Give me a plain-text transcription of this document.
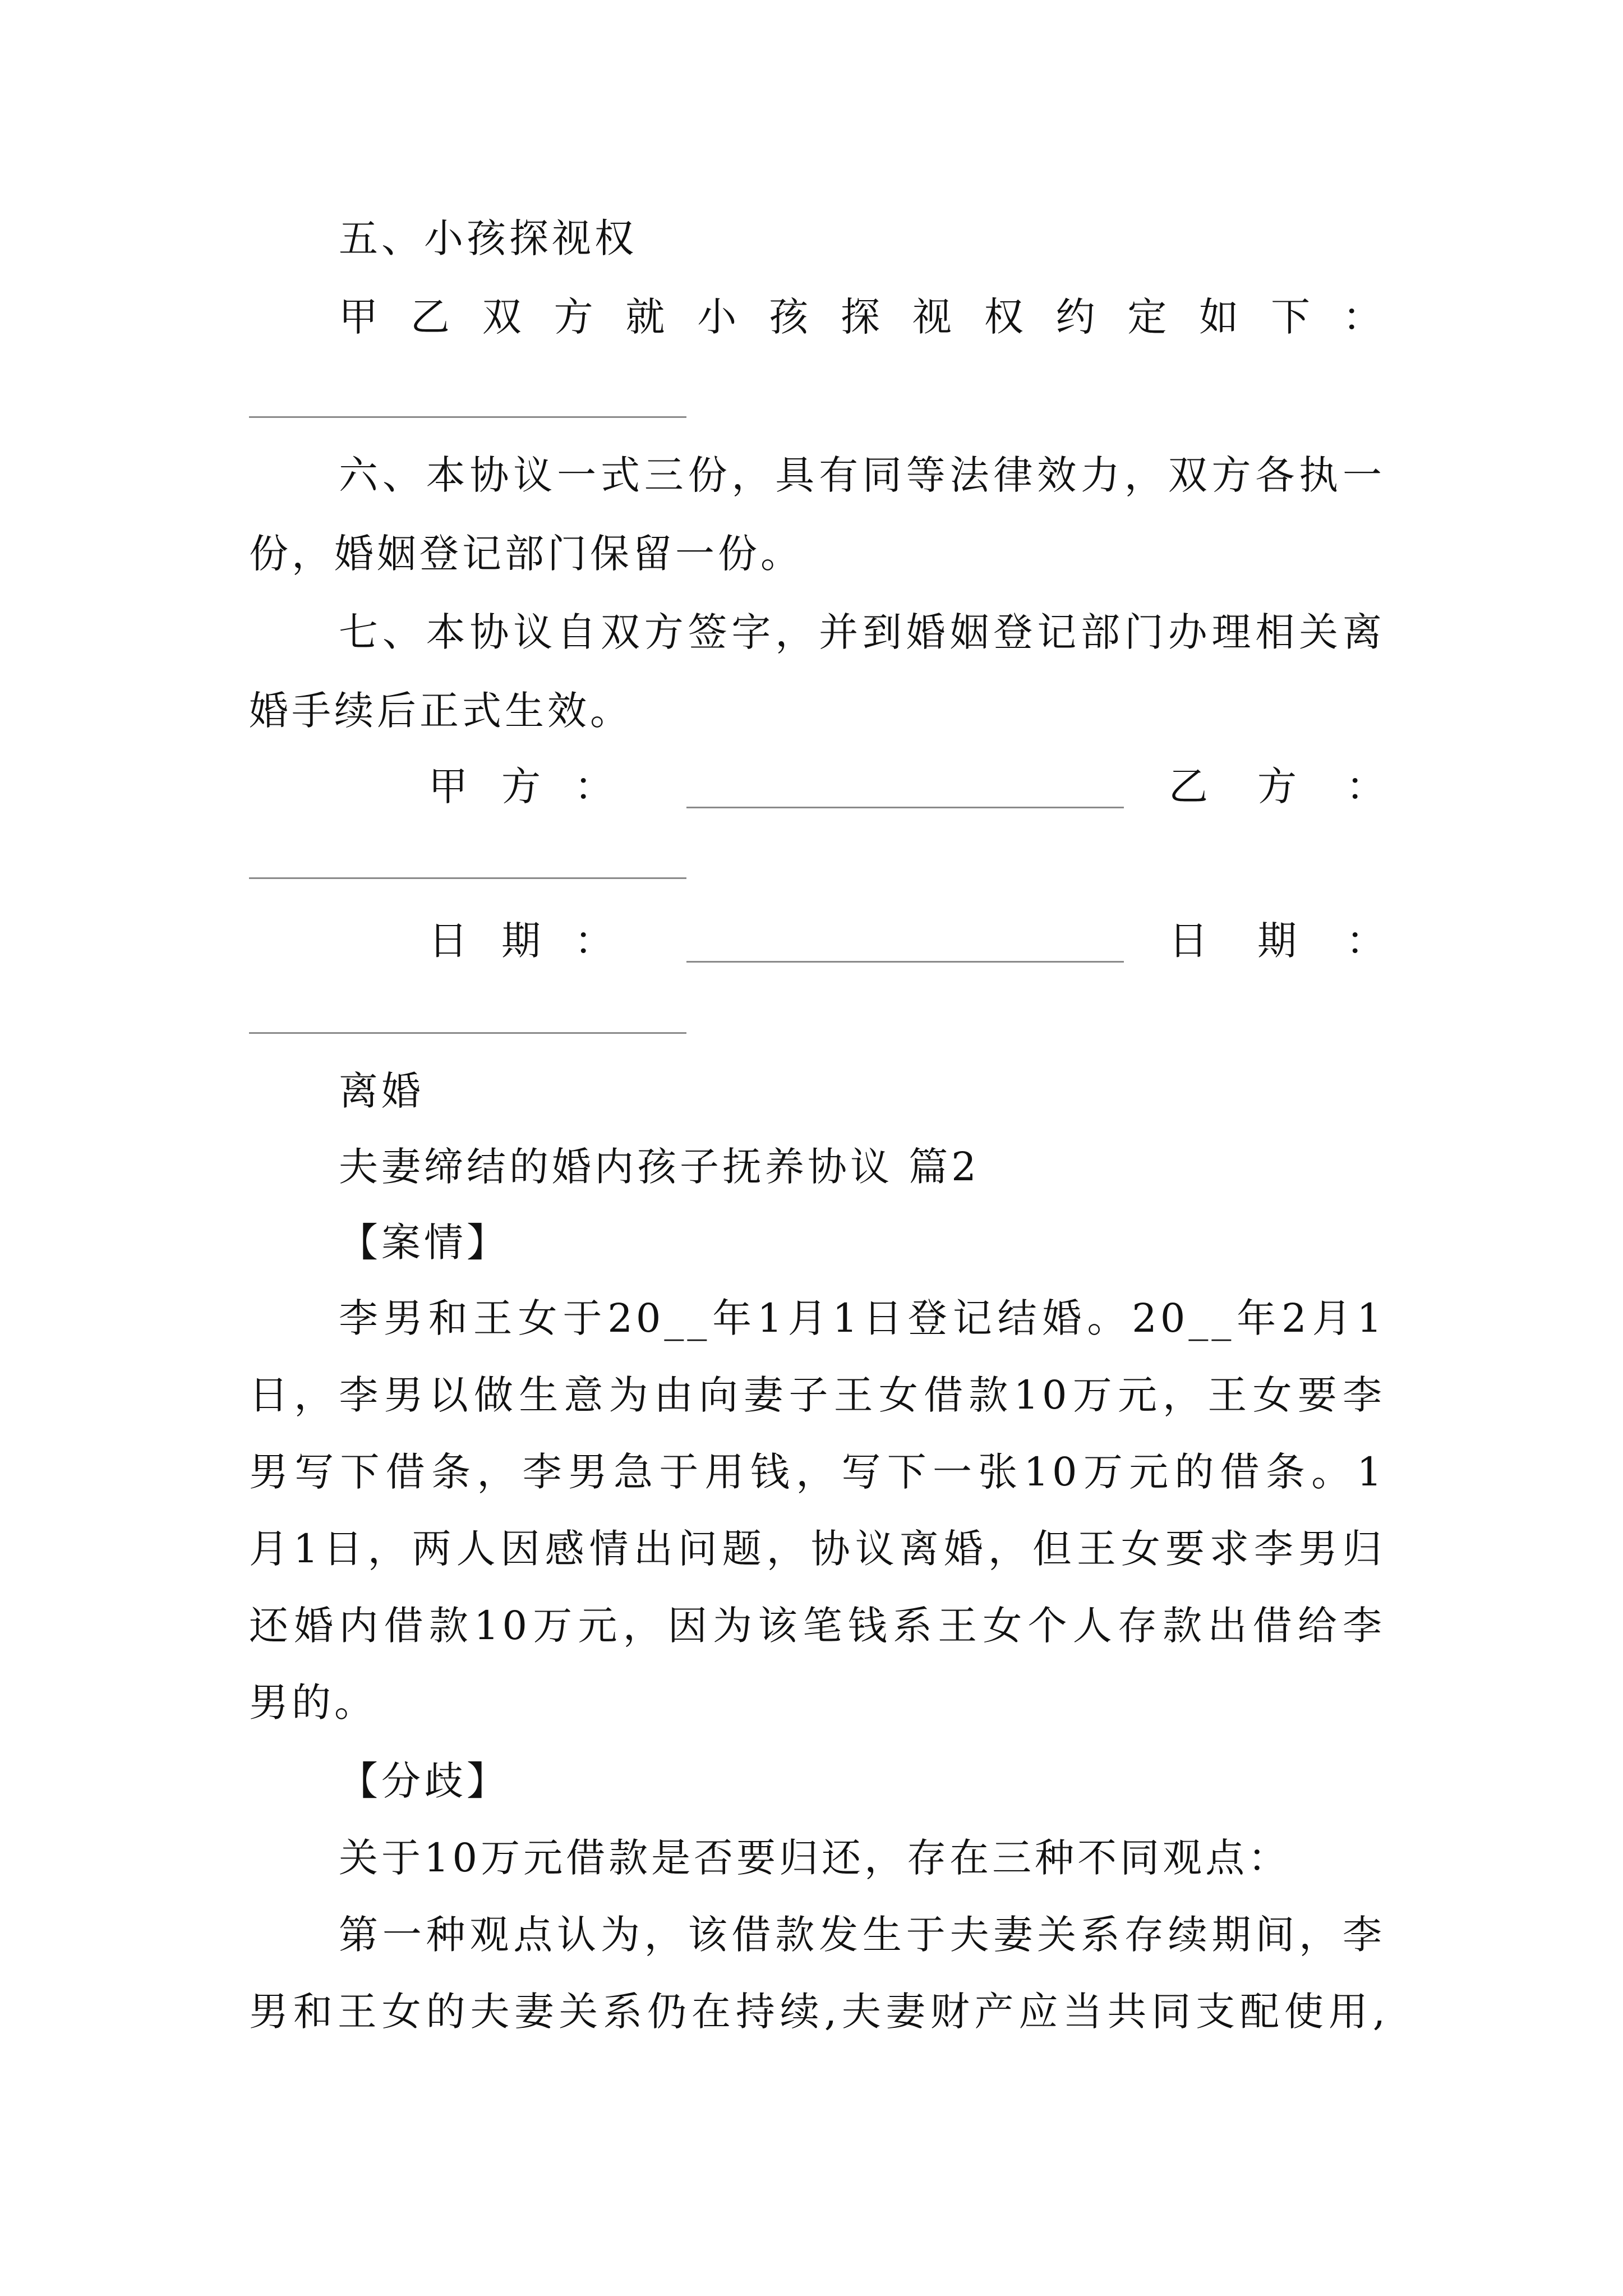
五、小孩探视权
甲乙双方就小孩探视权约定如下：
六、本协议一式三份，具有同等法律效力，双方各执一
份，婚姻登记部门保留一份。
七、本协议自双方签字，并到婚姻登记部门办理相关离
婚手续后正式生效。
甲方：	乙方：
日期：	日期：
离婚
夫妻缔结的婚内孩子抚养协议 篇2
【案情】
李男和王女于20__年1月1日登记结婚。20__年2月1
日，李男以做生意为由向妻子王女借款10万元，王女要李
男写下借条，李男急于用钱，写下一张10万元的借条。1
月1日，两人因感情出问题，协议离婚，但王女要求李男归
还婚内借款10万元，因为该笔钱系王女个人存款出借给李
男的。
【分歧】
关于10万元借款是否要归还，存在三种不同观点：
第一种观点认为，该借款发生于夫妻关系存续期间，李
男和王女的夫妻关系仍在持续,夫妻财产应当共同支配使用,
